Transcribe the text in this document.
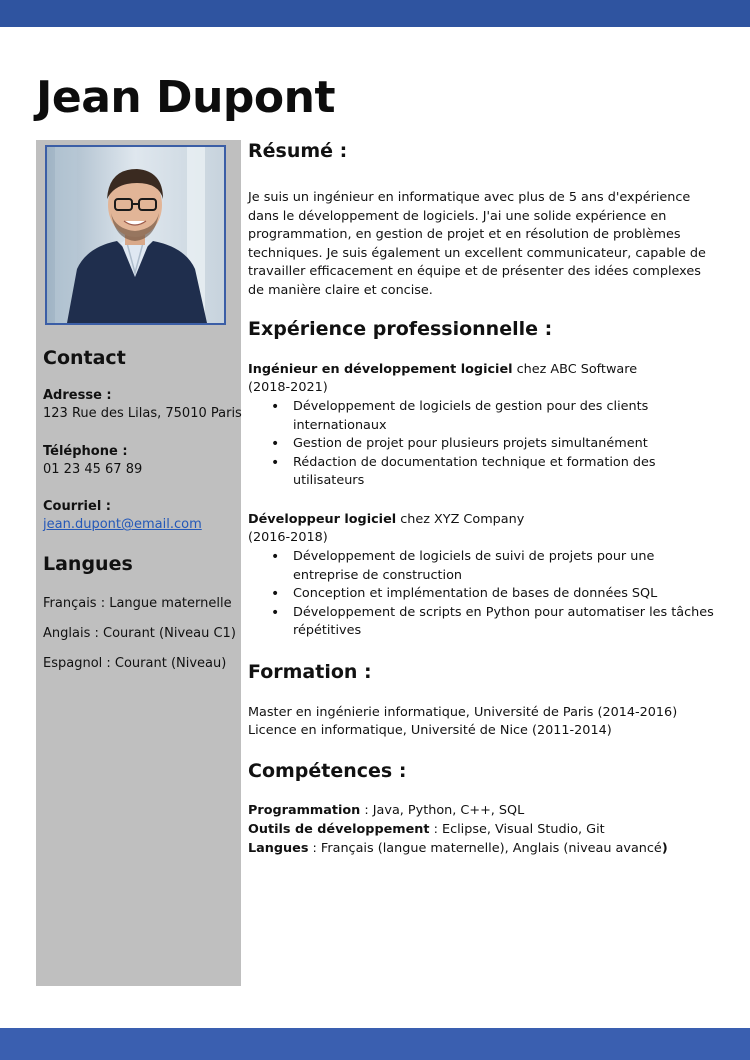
Jean Dupont
Contact
Adresse :
123 Rue des Lilas, 75010 Paris
Téléphone :
01 23 45 67 89
Courriel :
jean.dupont@email.com
Langues
Français : Langue maternelle
Anglais : Courant (Niveau C1)
Espagnol : Courant (Niveau)
Résumé :

Je suis un ingénieur en informatique avec plus de 5 ans d'expérience dans le développement de logiciels. J'ai une solide expérience en programmation, en gestion de projet et en résolution de problèmes techniques. Je suis également un excellent communicateur, capable de travailler efficacement en équipe et de présenter des idées complexes de manière claire et concise.

Expérience professionnelle :
Ingénieur en développement logiciel chez ABC Software
(2018-2021)
• Développement de logiciels de gestion pour des clients internationaux
• Gestion de projet pour plusieurs projets simultanément
• Rédaction de documentation technique et formation des utilisateurs
Développeur logiciel chez XYZ Company
(2016-2018)
• Développement de logiciels de suivi de projets pour une entreprise de construction
• Conception et implémentation de bases de données SQL
• Développement de scripts en Python pour automatiser les tâches répétitives
Formation :
Master en ingénierie informatique, Université de Paris (2014-2016)
Licence en informatique, Université de Nice (2011-2014)
Compétences :
Programmation : Java, Python, C++, SQL
Outils de développement : Eclipse, Visual Studio, Git
Langues : Français (langue maternelle), Anglais (niveau avancé)
